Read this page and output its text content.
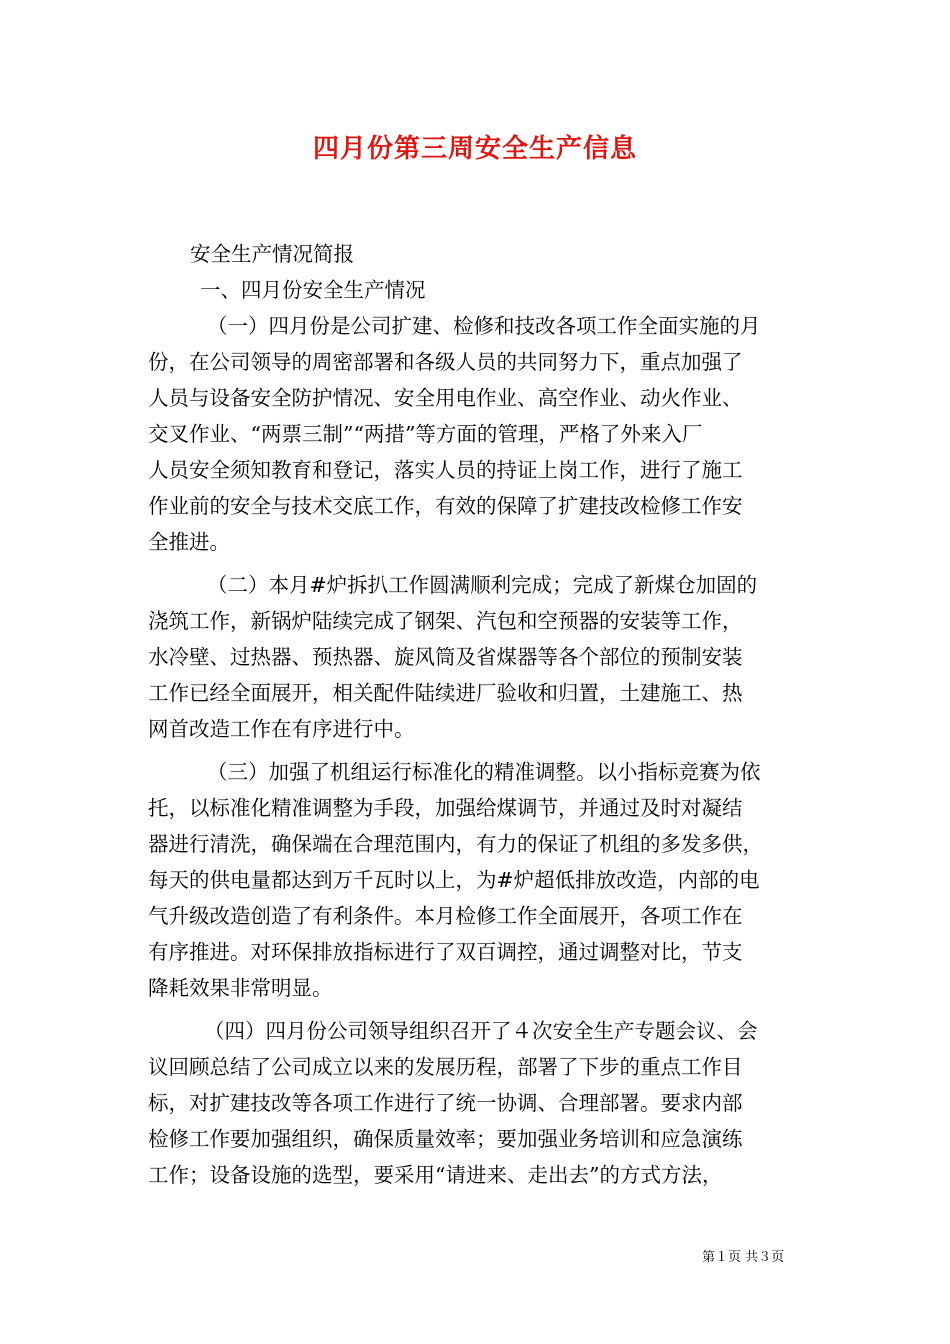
四月份第三周安全生产信息
安全生产情况简报
一、四月份安全生产情况
（一）四月份是公司扩建、检修和技改各项工作全面实施的月
份，在公司领导的周密部署和各级人员的共同努力下，重点加强了
人员与设备安全防护情况、安全用电作业、高空作业、动火作业、
交叉作业、“两票三制”“两措”等方面的管理，严格了外来入厂
人员安全须知教育和登记，落实人员的持证上岗工作，进行了施工
作业前的安全与技术交底工作，有效的保障了扩建技改检修工作安
全推进。
（二）本月#炉拆扒工作圆满顺利完成；完成了新煤仓加固的
浇筑工作，新锅炉陆续完成了钢架、汽包和空预器的安装等工作，
水冷壁、过热器、预热器、旋风筒及省煤器等各个部位的预制安装
工作已经全面展开，相关配件陆续进厂验收和归置，土建施工、热
网首改造工作在有序进行中。
（三）加强了机组运行标准化的精准调整。以小指标竞赛为依
托，以标准化精准调整为手段，加强给煤调节，并通过及时对凝结
器进行清洗，确保端在合理范围内，有力的保证了机组的多发多供，
每天的供电量都达到万千瓦时以上，为#炉超低排放改造，内部的电
气升级改造创造了有利条件。本月检修工作全面展开，各项工作在
有序推进。对环保排放指标进行了双百调控，通过调整对比，节支
降耗效果非常明显。
（四）四月份公司领导组织召开了４次安全生产专题会议、会
议回顾总结了公司成立以来的发展历程，部署了下步的重点工作目
标，对扩建技改等各项工作进行了统一协调、合理部署。要求内部
检修工作要加强组织，确保质量效率；要加强业务培训和应急演练
工作；设备设施的选型，要采用“请进来、走出去”的方式方法，
第１页 共３页
